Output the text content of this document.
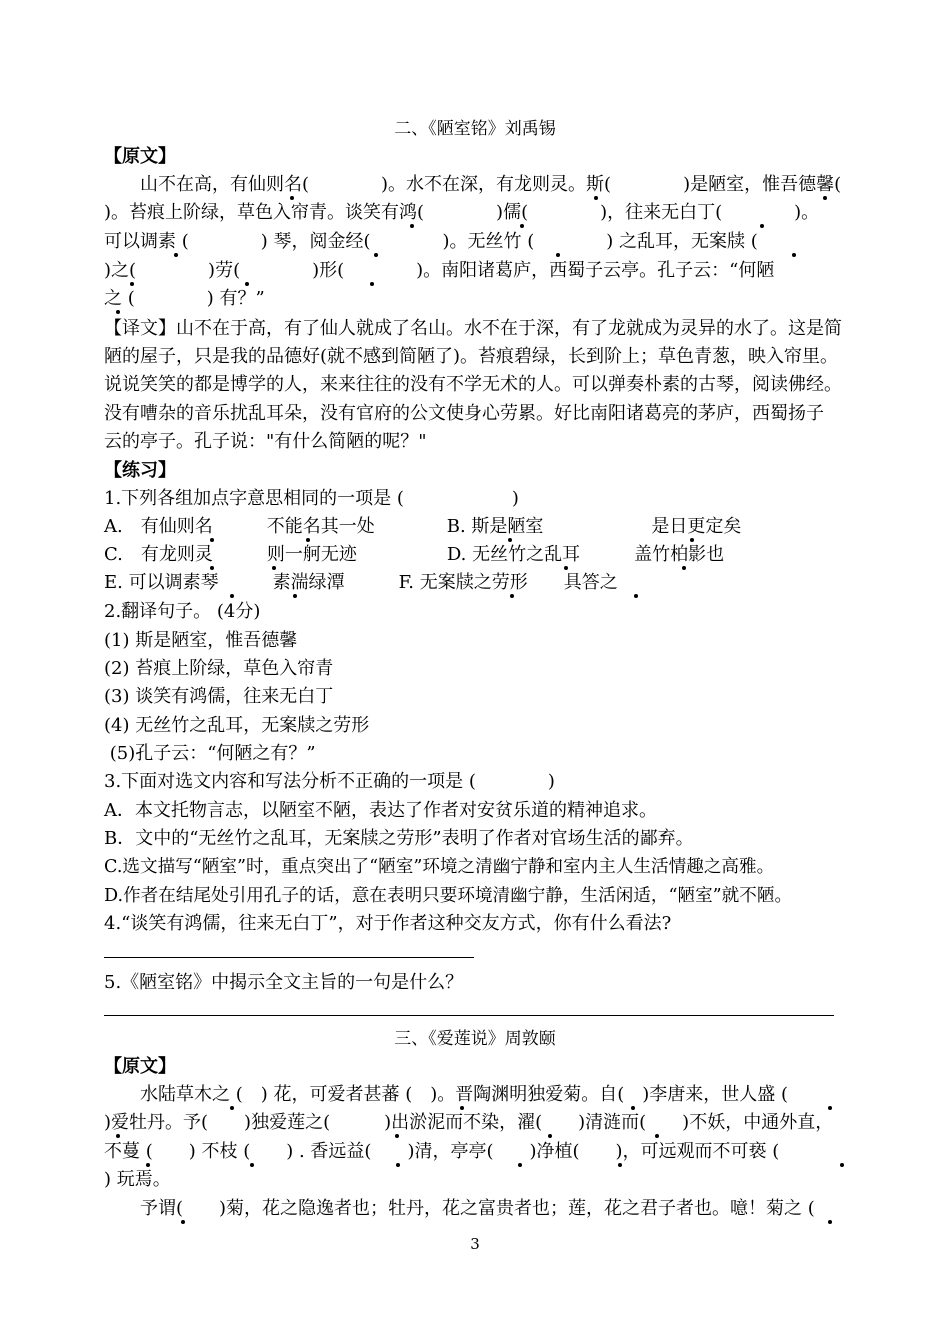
二、《陋室铭》刘禹锡
【原文】
　　山不在高，有仙则名(　　　　)。水不在深，有龙则灵。斯(　　　　)是陋室，惟吾德馨(
)。苔痕上阶绿，草色入帘青。谈笑有鸿(　　　　)儒(　　　　)，往来无白丁(　　　　)。
可以调素 (　　　　) 琴，阅金经(　　　　)。无丝竹 (　　　　) 之乱耳，无案牍 (
)之(　　　　)劳(　　　　)形(　　　　)。南阳诸葛庐，西蜀子云亭。孔子云：“何陋
之 (　　　　) 有？”
【译文】山不在于高，有了仙人就成了名山。水不在于深，有了龙就成为灵异的水了。这是简
陋的屋子，只是我的品德好(就不感到简陋了)。苔痕碧绿，长到阶上；草色青葱，映入帘里。
说说笑笑的都是博学的人，来来往往的没有不学无术的人。可以弹奏朴素的古琴，阅读佛经。
没有嘈杂的音乐扰乱耳朵，没有官府的公文使身心劳累。好比南阳诸葛亮的茅庐，西蜀扬子
云的亭子。孔子说："有什么简陋的呢？"
【练习】
1.下列各组加点字意思相同的一项是 (　　　　　　)
A.　有仙则名　　　不能名其一处　　　　B. 斯是陋室　　　　　　是日更定矣
C.　有龙则灵　　　则一舸无迹　　　　　D. 无丝竹之乱耳　　　盖竹柏影也
E. 可以调素琴　　　素湍绿潭　　　F. 无案牍之劳形　　具答之
2.翻译句子。 (4分)
(1) 斯是陋室，惟吾德馨
(2) 苔痕上阶绿，草色入帘青
(3) 谈笑有鸿儒，往来无白丁
(4) 无丝竹之乱耳，无案牍之劳形
(5)孔子云：“何陋之有？”
3.下面对选文内容和写法分析不正确的一项是 (　　　　)
A．本文托物言志，以陋室不陋，表达了作者对安贫乐道的精神追求。
B．文中的“无丝竹之乱耳，无案牍之劳形”表明了作者对官场生活的鄙弃。
C.选文描写“陋室”时，重点突出了“陋室”环境之清幽宁静和室内主人生活情趣之高雅。
D.作者在结尾处引用孔子的话，意在表明只要环境清幽宁静，生活闲适，“陋室”就不陋。
4.“谈笑有鸿儒，往来无白丁”，对于作者这种交友方式，你有什么看法?
5.《陋室铭》中揭示全文主旨的一句是什么？
三、《爱莲说》周敦颐
【原文】
　　水陆草木之 (　) 花，可爱者甚蕃 (　)。晋陶渊明独爱菊。自(　)李唐来，世人盛 (
)爱牡丹。予(　　)独爱莲之(　　　)出淤泥而不染，濯(　　)清涟而(　　)不妖，中通外直，
不蔓 (　　) 不枝 (　　) . 香远益(　　)清，亭亭(　　)净植(　　)，可远观而不可亵 (
) 玩焉。
　　予谓(　　)菊，花之隐逸者也；牡丹，花之富贵者也；莲，花之君子者也。噫！菊之 (
3
